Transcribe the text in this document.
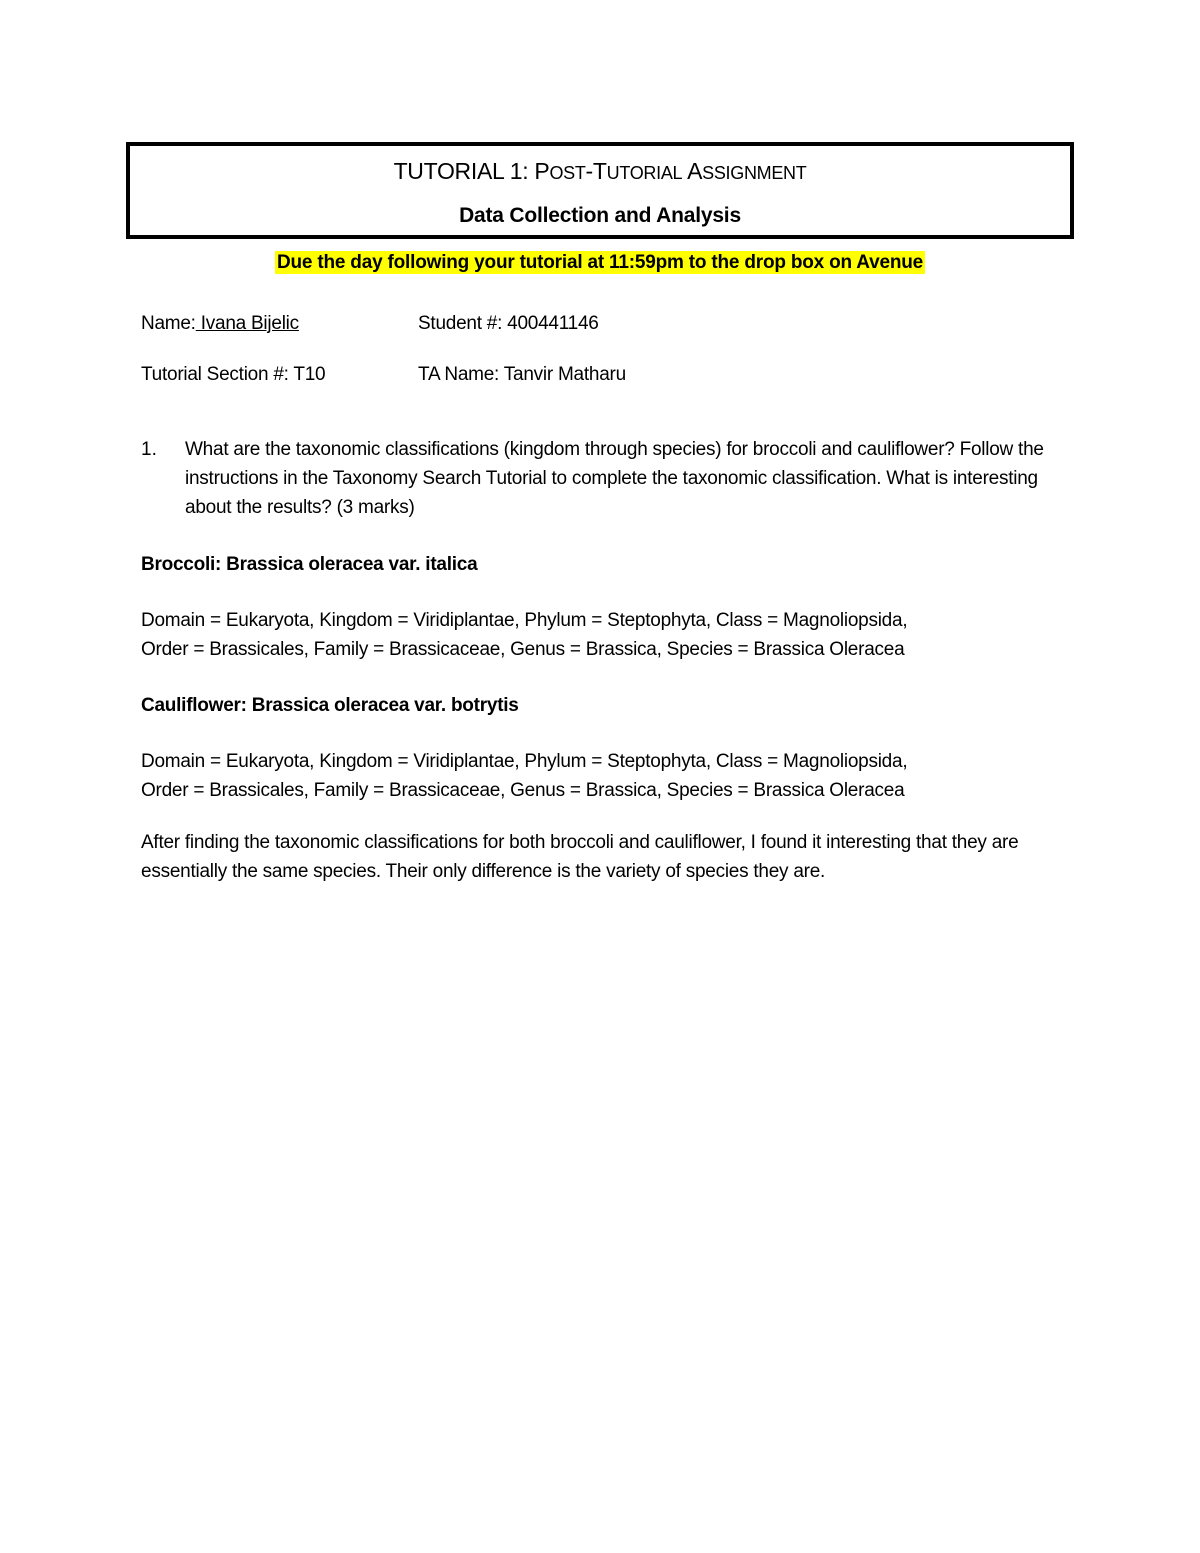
TUTORIAL 1: POST-TUTORIAL ASSIGNMENT
Data Collection and Analysis
Due the day following your tutorial at 11:59pm to the drop box on Avenue
Name: Ivana Bijelic	Student #: 400441146
Tutorial Section #: T10	TA Name: Tanvir Matharu
1. What are the taxonomic classifications (kingdom through species) for broccoli and cauliflower? Follow the instructions in the Taxonomy Search Tutorial to complete the taxonomic classification. What is interesting about the results? (3 marks)
Broccoli: Brassica oleracea var. italica
Domain = Eukaryota, Kingdom = Viridiplantae, Phylum = Steptophyta, Class = Magnoliopsida,
Order = Brassicales, Family = Brassicaceae, Genus = Brassica, Species = Brassica Oleracea
Cauliflower: Brassica oleracea var. botrytis
Domain = Eukaryota, Kingdom = Viridiplantae, Phylum = Steptophyta, Class = Magnoliopsida,
Order = Brassicales, Family = Brassicaceae, Genus = Brassica, Species = Brassica Oleracea
After finding the taxonomic classifications for both broccoli and cauliflower, I found it interesting that they are essentially the same species. Their only difference is the variety of species they are.
